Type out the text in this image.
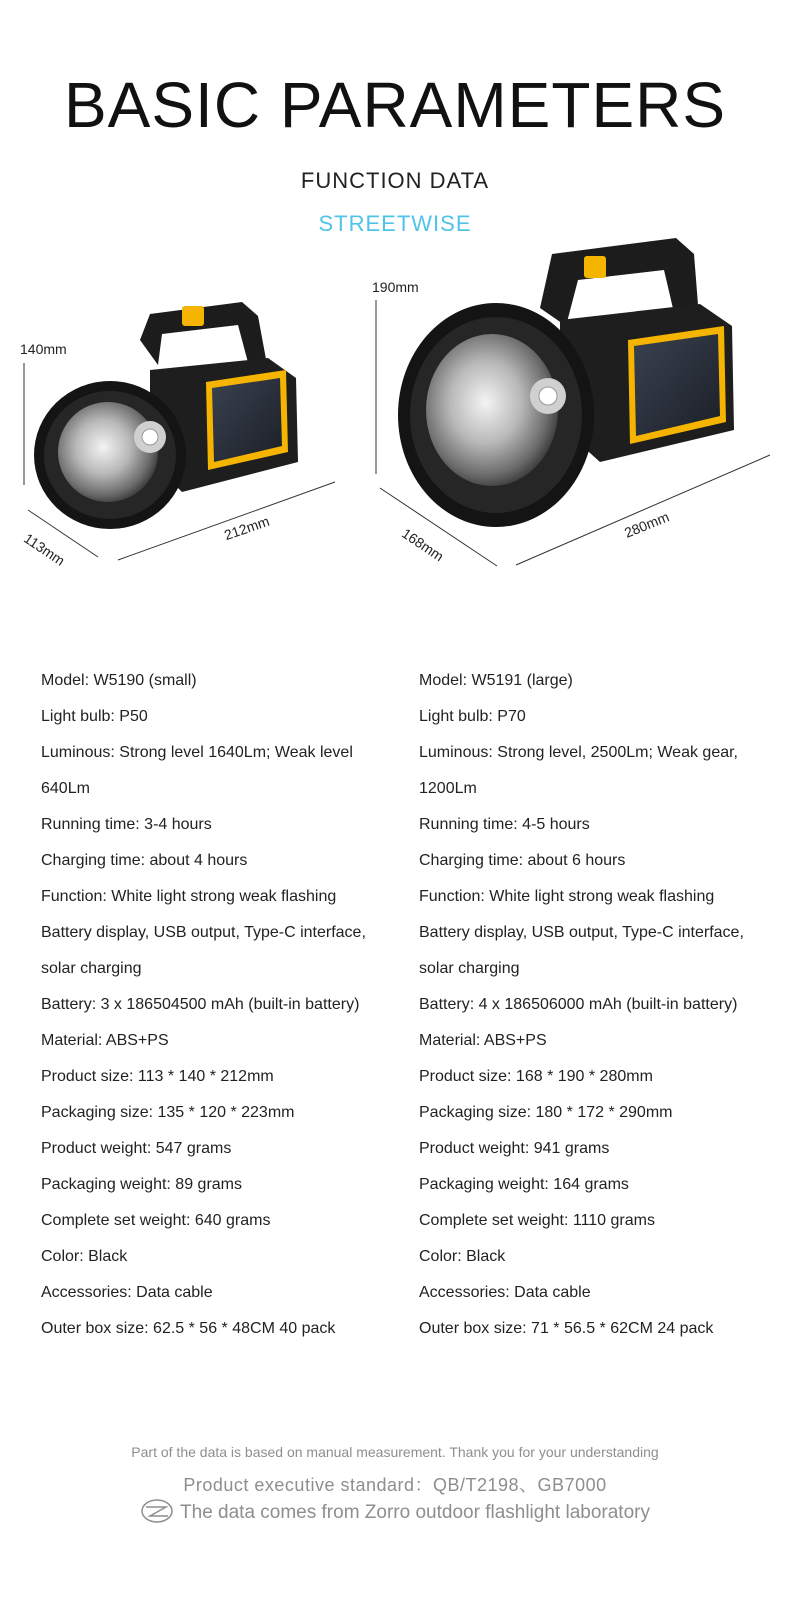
BASIC PARAMETERS
FUNCTION DATA
STREETWISE
140mm
113mm
212mm
190mm
168mm
280mm
Model: W5190 (small)
Light bulb: P50
Luminous: Strong level 1640Lm; Weak level 640Lm
Running time: 3-4 hours
Charging time: about 4 hours
Function: White light strong weak flashing
Battery display, USB output, Type-C interface, solar charging
Battery: 3 x 186504500 mAh (built-in battery)
Material: ABS+PS
Product size: 113 * 140 * 212mm
Packaging size: 135 * 120 * 223mm
Product weight: 547 grams
Packaging weight: 89 grams
Complete set weight: 640 grams
Color: Black
Accessories: Data cable
Outer box size: 62.5 * 56 * 48CM 40 pack
Model: W5191 (large)
Light bulb: P70
Luminous: Strong level, 2500Lm; Weak gear, 1200Lm
Running time: 4-5 hours
Charging time: about 6 hours
Function: White light strong weak flashing
Battery display, USB output, Type-C interface, solar charging
Battery: 4 x 186506000 mAh (built-in battery)
Material: ABS+PS
Product size: 168 * 190 * 280mm
Packaging size: 180 * 172 * 290mm
Product weight: 941 grams
Packaging weight: 164 grams
Complete set weight: 1110 grams
Color: Black
Accessories: Data cable
Outer box size: 71 * 56.5 * 62CM 24 pack
Part of the data is based on manual measurement. Thank you for your understanding
Product executive standard：QB/T2198、GB7000
The data comes from Zorro outdoor flashlight laboratory
